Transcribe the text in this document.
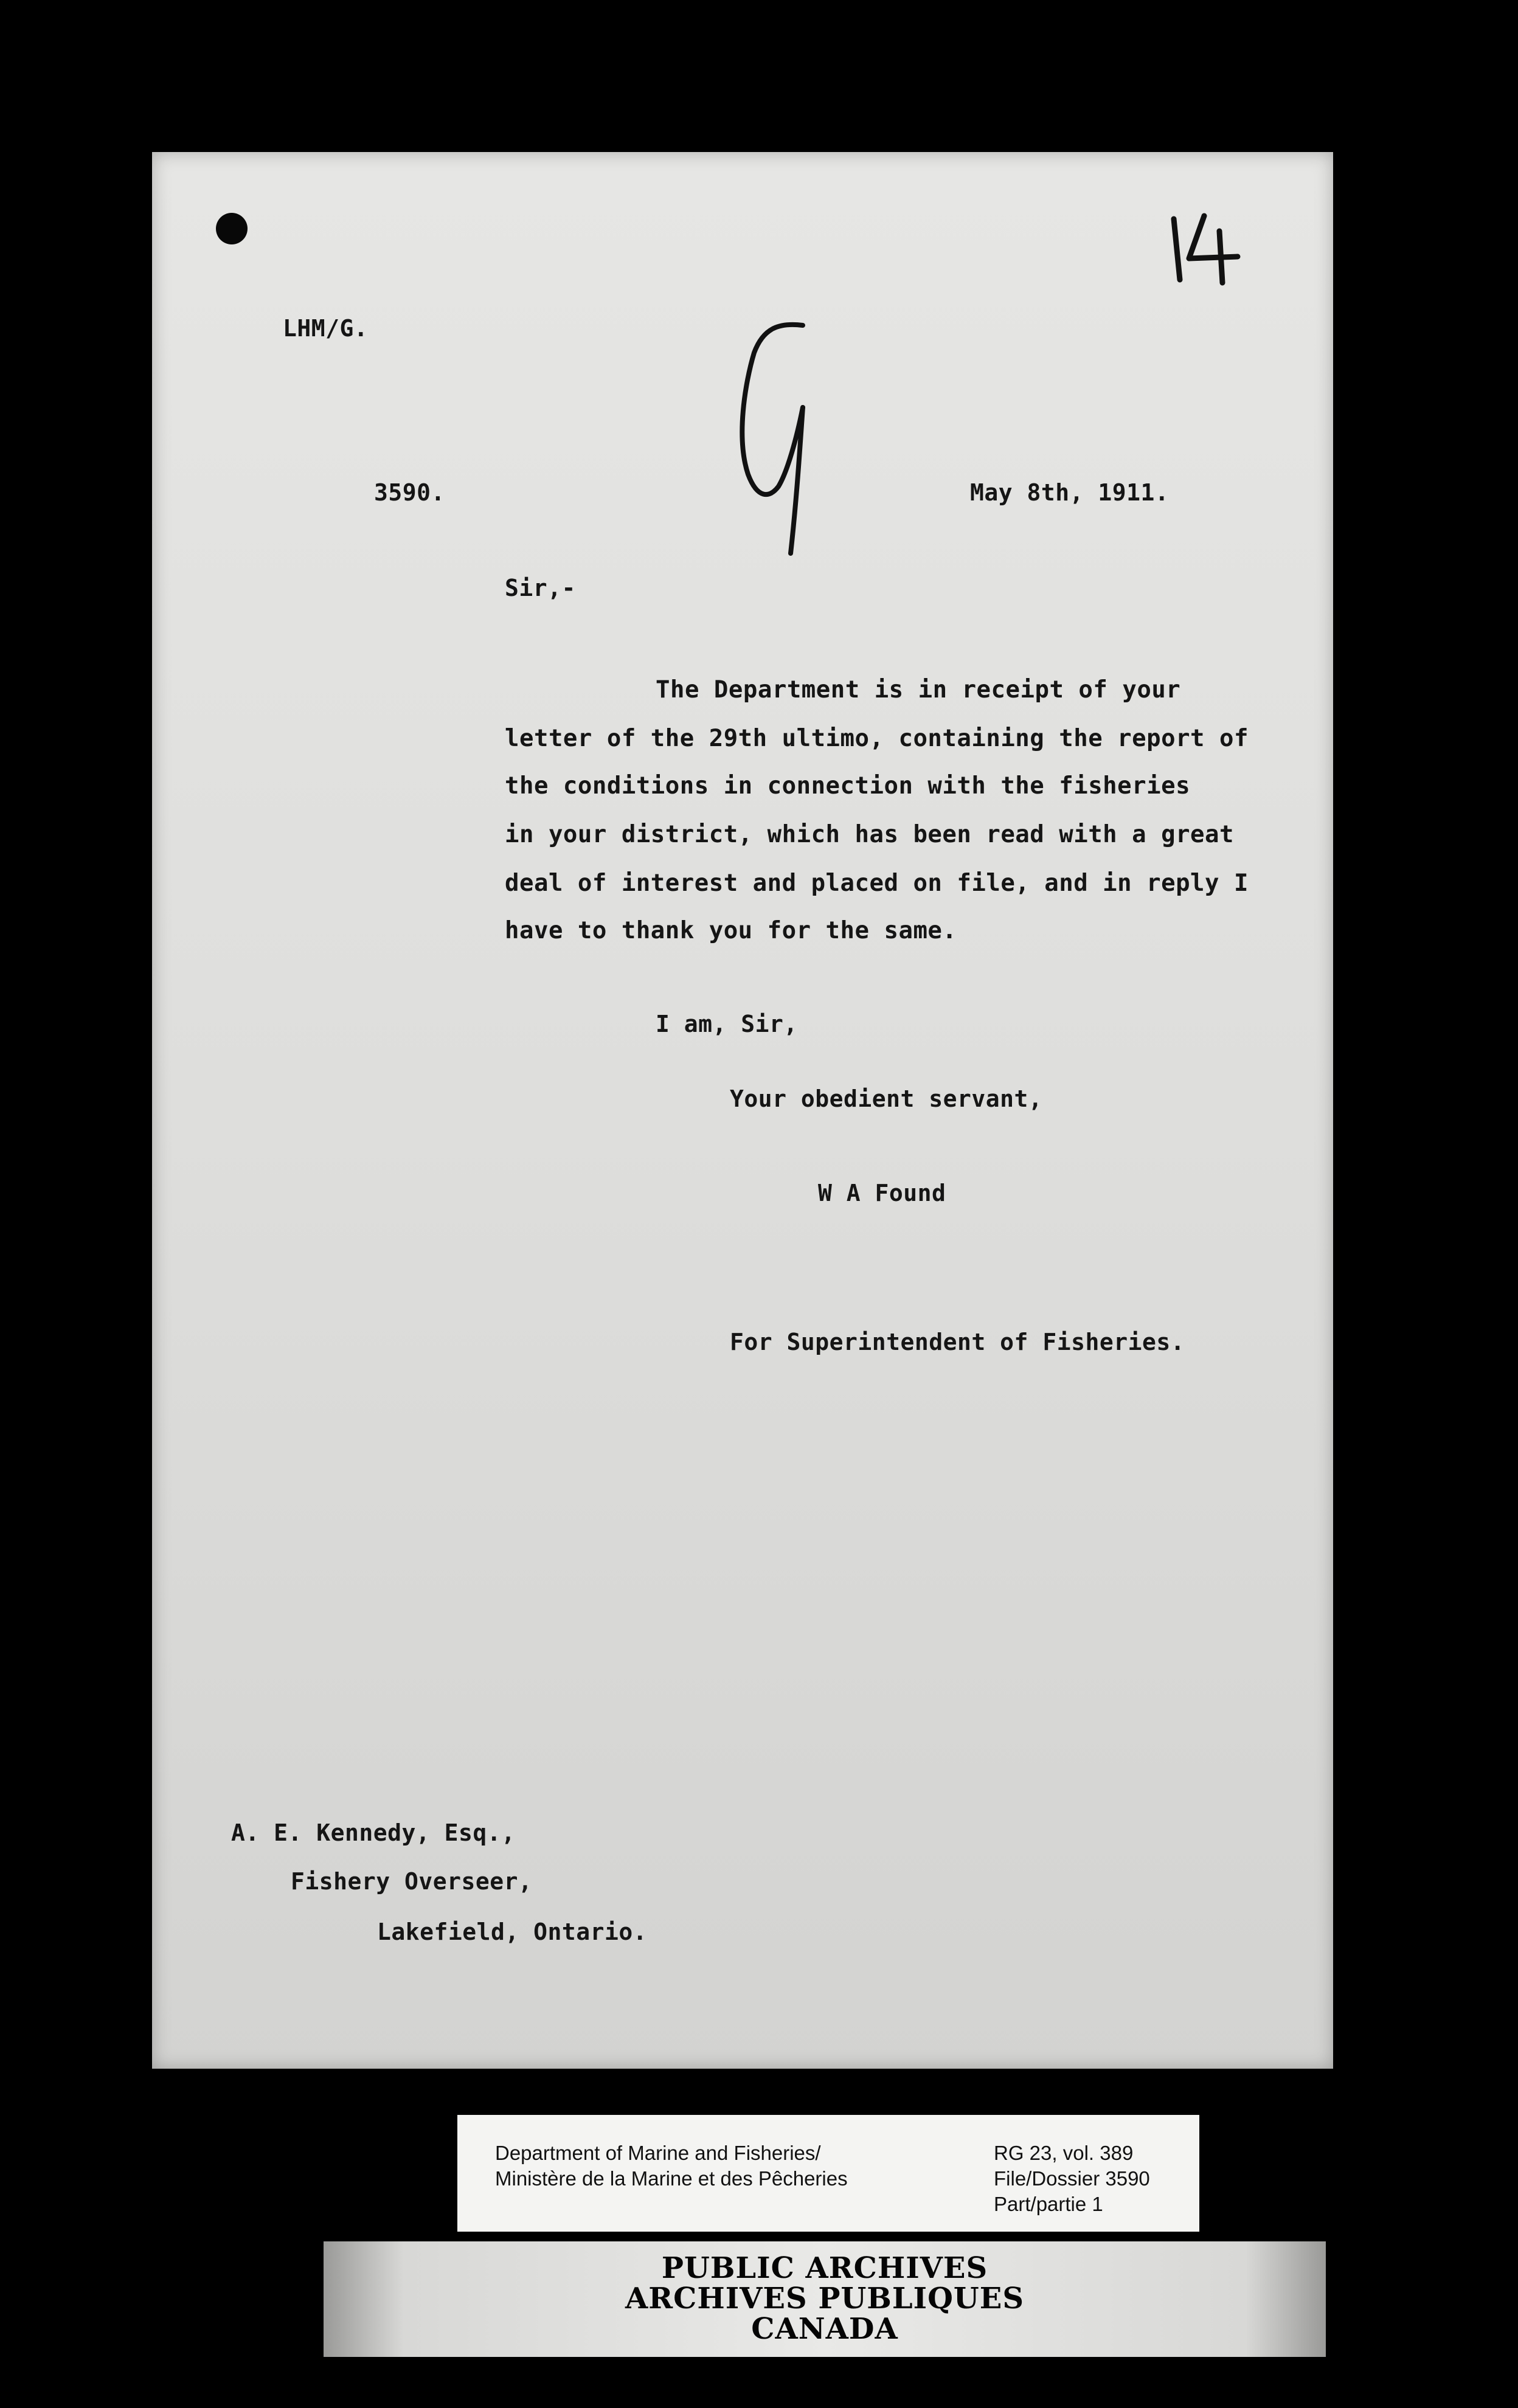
LHM/G.
3590.	May 8th, 1911.
Sir,-
The Department is in receipt of your
letter of the 29th ultimo, containing the report of
the conditions in connection with the fisheries
in your district, which has been read with a great
deal of interest and placed on file, and in reply I
have to thank you for the same.
I am, Sir,
Your obedient servant,
W A Found
For Superintendent of Fisheries.
A. E. Kennedy, Esq.,
Fishery Overseer,
Lakefield, Ontario.
Department of Marine and Fisheries/
Ministère de la Marine et des Pêcheries
RG 23, vol. 389
File/Dossier 3590
Part/partie 1
PUBLIC ARCHIVES
ARCHIVES PUBLIQUES
CANADA
